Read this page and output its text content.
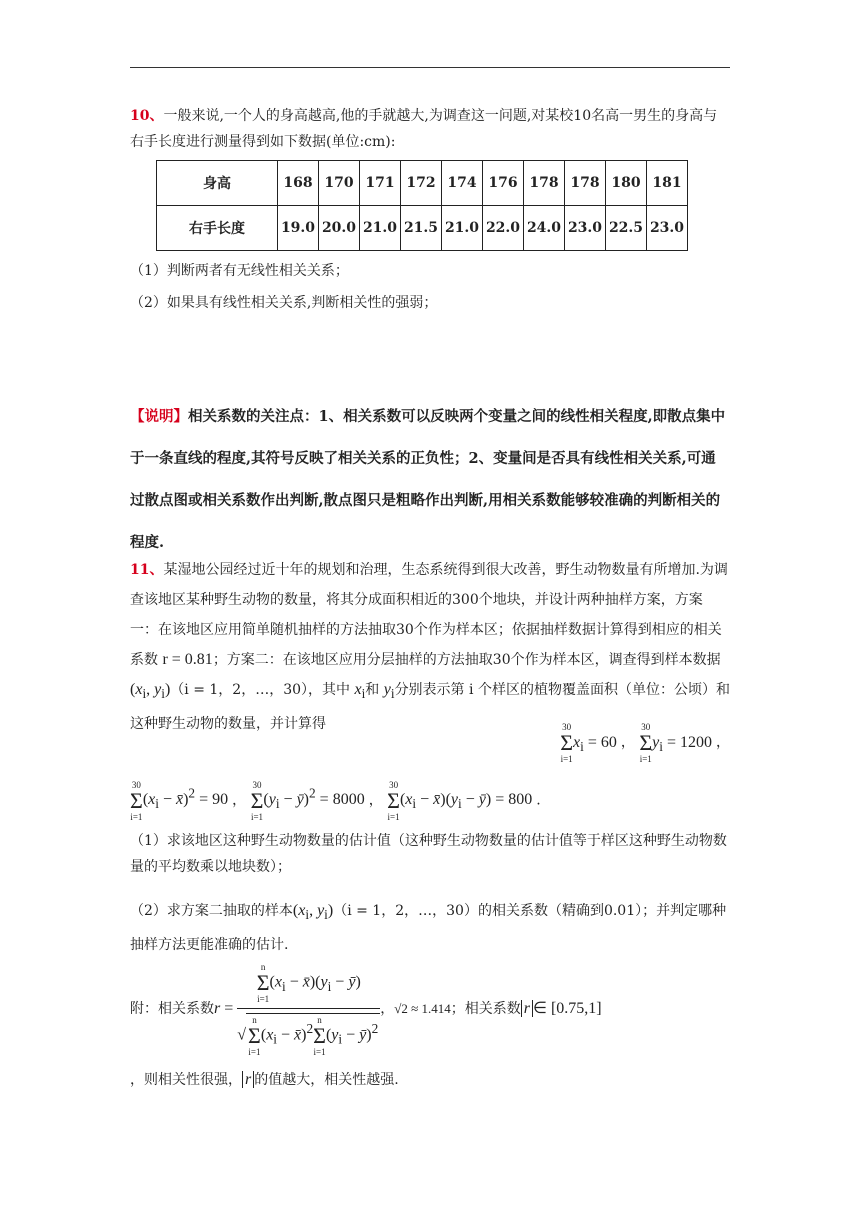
10、一般来说,一个人的身高越高,他的手就越大,为调查这一问题,对某校10名高一男生的身高与右手长度进行测量得到如下数据(单位:cm):
身高	168	170	171	172	174	176	178	178	180	181
右手长度	19.0	20.0	21.0	21.5	21.0	22.0	24.0	23.0	22.5	23.0
（1）判断两者有无线性相关关系；
（2）如果具有线性相关关系,判断相关性的强弱；
【说明】相关系数的关注点：1、相关系数可以反映两个变量之间的线性相关程度,即散点集中于一条直线的程度,其符号反映了相关关系的正负性；2、变量间是否具有线性相关关系,可通过散点图或相关系数作出判断,散点图只是粗略作出判断,用相关系数能够较准确的判断相关的程度.
11、某湿地公园经过近十年的规划和治理，生态系统得到很大改善，野生动物数量有所增加.为调查该地区某种野生动物的数量，将其分成面积相近的300个地块，并设计两种抽样方案，方案一：在该地区应用简单随机抽样的方法抽取30个作为样本区；依据抽样数据计算得到相应的相关系数 r = 0.81；方案二：在该地区应用分层抽样的方法抽取30个作为样本区，调查得到样本数据 ($x_i$, $y_i)(i = 1$，2，…，30），其中 $x_i$和 $y_i$分别表示第 i 个样区的植物覆盖面积（单位：公顷）和这种野生动物的数量，并计算得	30
Σ
$i=1x_i = 60$ ， 30
Σ
$i=1y_i = 1200$ ，
30
Σ
$i=1(x_i$ − x̄)$^2$ = 90 ， 30
Σ
$i=1(y_i$ − ȳ)$^2$ = 8000 ， 30
Σ
$i=1(x_i$ − $x̄)(y_i$ − ȳ) = 800 .
（1）求该地区这种野生动物数量的估计值（这种野生动物数量的估计值等于样区这种野生动物数量的平均数乘以地块数）；
（2）求方案二抽取的样本($x_i$, $y_i)(i = 1$，2，…，30）的相关系数（精确到0.01）；并判定哪种抽样方法更能准确的估计.
附：相关系数 r = n
Σ
$i=1(x_i$ − $x̄)(y_i$ − ȳ)
√n
Σ
$i=1(x_i$ − x̄)$^2$n
Σ
$i=1(y_i$ − ȳ)$^2$ ， √2 ≈ 1.414 ；相关系数 r ∈ [0.75,1]
，则相关性很强， r 的值越大，相关性越强.
